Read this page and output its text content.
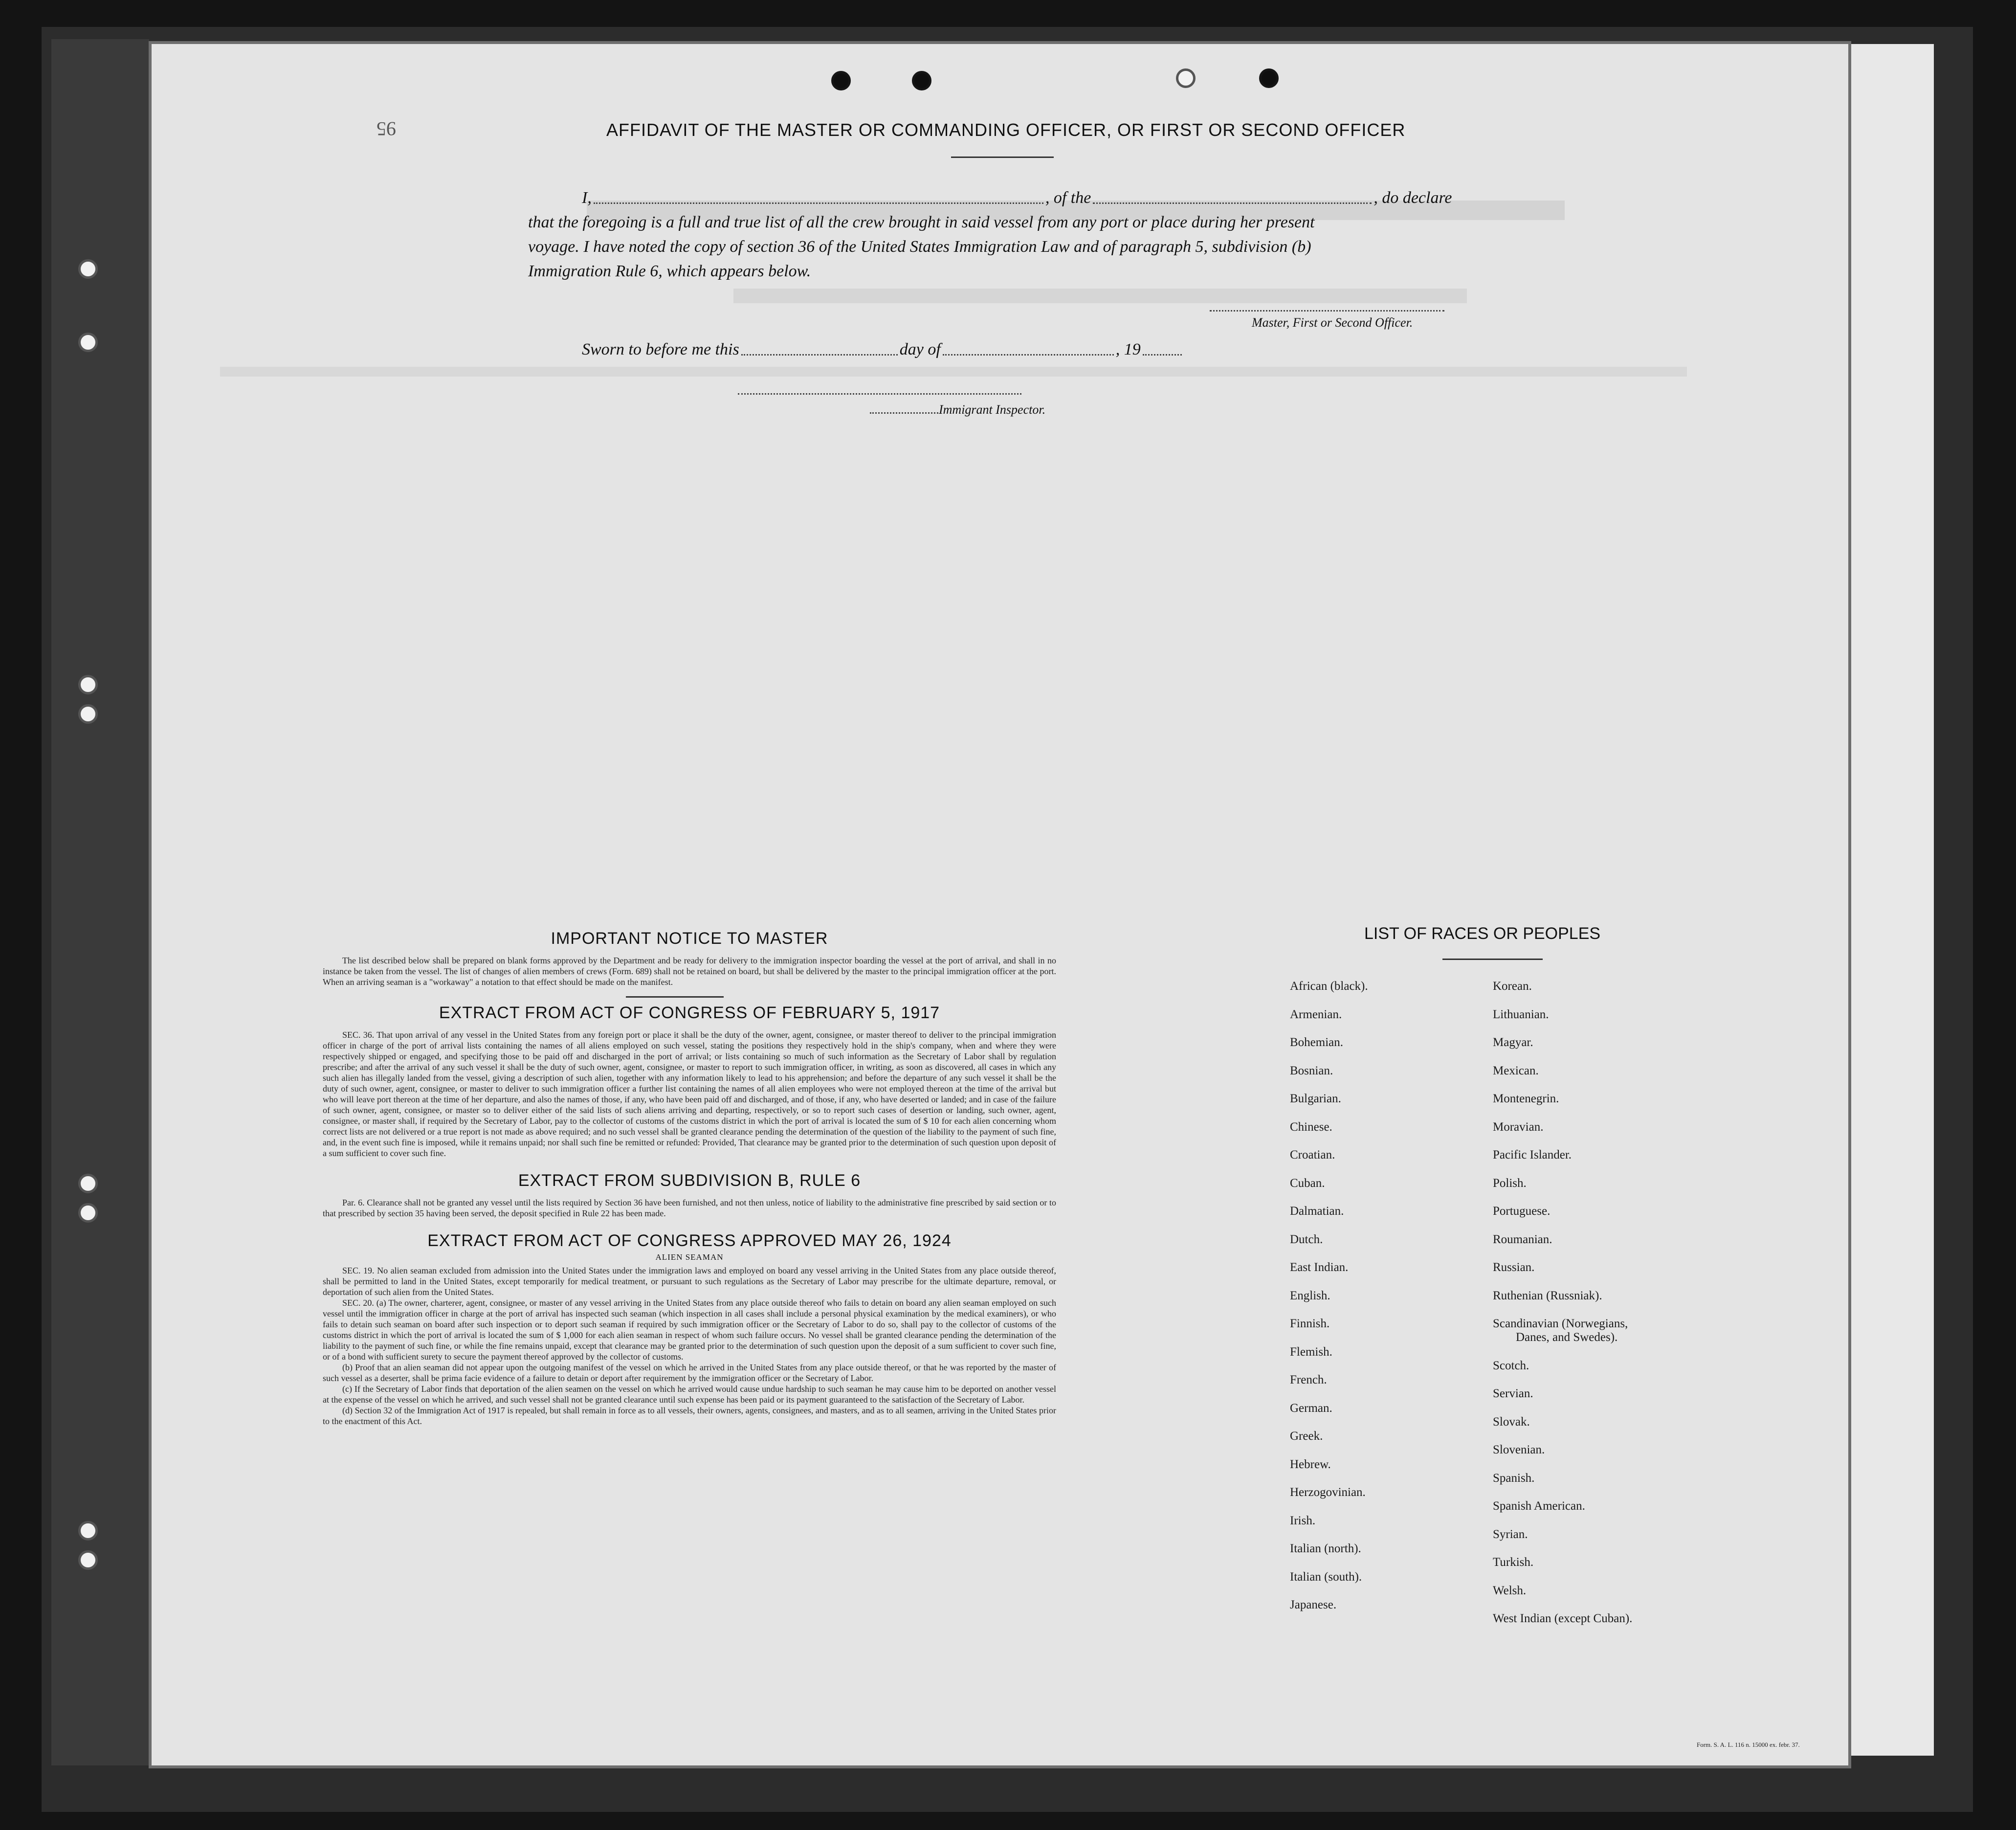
95	AFFIDAVIT OF THE MASTER OR COMMANDING OFFICER, OR FIRST OR SECOND OFFICER
I,	, of the	, do declare
that the foregoing is a full and true list of all the crew brought in said vessel from any port or place during her present
voyage. I have noted the copy of section 36 of the United States Immigration Law and of paragraph 5, subdivision (b)
Immigration Rule 6, which appears below.
Master, First or Second Officer.
Sworn to before me this	day of	, 19
Immigrant Inspector.
IMPORTANT NOTICE TO MASTER
The list described below shall be prepared on blank forms approved by the Department and be ready for delivery to the immigration inspector boarding the vessel at the port of arrival, and shall in no instance be taken from the vessel. The list of changes of alien members of crews (Form. 689) shall not be retained on board, but shall be delivered by the master to the principal immigration officer at the port. When an arriving seaman is a "workaway" a notation to that effect should be made on the manifest.
EXTRACT FROM ACT OF CONGRESS OF FEBRUARY 5, 1917
SEC. 36. That upon arrival of any vessel in the United States from any foreign port or place it shall be the duty of the owner, agent, consignee, or master thereof to deliver to the principal immigration officer in charge of the port of arrival lists containing the names of all aliens employed on such vessel, stating the positions they respectively hold in the ship's company, when and where they were respectively shipped or engaged, and specifying those to be paid off and discharged in the port of arrival; or lists containing so much of such information as the Secretary of Labor shall by regulation prescribe; and after the arrival of any such vessel it shall be the duty of such owner, agent, consignee, or master to report to such immigration officer, in writing, as soon as discovered, all cases in which any such alien has illegally landed from the vessel, giving a description of such alien, together with any information likely to lead to his apprehension; and before the departure of any such vessel it shall be the duty of such owner, agent, consignee, or master to deliver to such immigration officer a further list containing the names of all alien employees who were not employed thereon at the time of the arrival but who will leave port thereon at the time of her departure, and also the names of those, if any, who have been paid off and discharged, and of those, if any, who have deserted or landed; and in case of the failure of such owner, agent, consignee, or master so to deliver either of the said lists of such aliens arriving and departing, respectively, or so to report such cases of desertion or landing, such owner, agent, consignee, or master shall, if required by the Secretary of Labor, pay to the collector of customs of the customs district in which the port of arrival is located the sum of $ 10 for each alien concerning whom correct lists are not delivered or a true report is not made as above required; and no such vessel shall be granted clearance pending the determination of the question of the liability to the payment of such fine, and, in the event such fine is imposed, while it remains unpaid; nor shall such fine be remitted or refunded: Provided, That clearance may be granted prior to the determination of such question upon deposit of a sum sufficient to cover such fine.
EXTRACT FROM SUBDIVISION B, RULE 6
Par. 6. Clearance shall not be granted any vessel until the lists required by Section 36 have been furnished, and not then unless, notice of liability to the administrative fine prescribed by said section or to that prescribed by section 35 having been served, the deposit specified in Rule 22 has been made.
EXTRACT FROM ACT OF CONGRESS APPROVED MAY 26, 1924
ALIEN SEAMAN
SEC. 19. No alien seaman excluded from admission into the United States under the immigration laws and employed on board any vessel arriving in the United States from any place outside thereof, shall be permitted to land in the United States, except temporarily for medical treatment, or pursuant to such regulations as the Secretary of Labor may prescribe for the ultimate departure, removal, or deportation of such alien from the United States.
SEC. 20. (a) The owner, charterer, agent, consignee, or master of any vessel arriving in the United States from any place outside thereof who fails to detain on board any alien seaman employed on such vessel until the immigration officer in charge at the port of arrival has inspected such seaman (which inspection in all cases shall include a personal physical examination by the medical examiners), or who fails to detain such seaman on board after such inspection or to deport such seaman if required by such immigration officer or the Secretary of Labor to do so, shall pay to the collector of customs of the customs district in which the port of arrival is located the sum of $ 1,000 for each alien seaman in respect of whom such failure occurs. No vessel shall be granted clearance pending the determination of the liability to the payment of such fine, or while the fine remains unpaid, except that clearance may be granted prior to the determination of such question upon the deposit of a sum sufficient to cover such fine, or of a bond with sufficient surety to secure the payment thereof approved by the collector of customs.
(b) Proof that an alien seaman did not appear upon the outgoing manifest of the vessel on which he arrived in the United States from any place outside thereof, or that he was reported by the master of such vessel as a deserter, shall be prima facie evidence of a failure to detain or deport after requirement by the immigration officer or the Secretary of Labor.
(c) If the Secretary of Labor finds that deportation of the alien seamen on the vessel on which he arrived would cause undue hardship to such seaman he may cause him to be deported on another vessel at the expense of the vessel on which he arrived, and such vessel shall not be granted clearance until such expense has been paid or its payment guaranteed to the satisfaction of the Secretary of Labor.
(d) Section 32 of the Immigration Act of 1917 is repealed, but shall remain in force as to all vessels, their owners, agents, consignees, and masters, and as to all seamen, arriving in the United States prior to the enactment of this Act.
LIST OF RACES OR PEOPLES
African (black).
Armenian.
Bohemian.
Bosnian.
Bulgarian.
Chinese.
Croatian.
Cuban.
Dalmatian.
Dutch.
East Indian.
English.
Finnish.
Flemish.
French.
German.
Greek.
Hebrew.
Herzogovinian.
Irish.
Italian (north).
Italian (south).
Japanese.
Korean.
Lithuanian.
Magyar.
Mexican.
Montenegrin.
Moravian.
Pacific Islander.
Polish.
Portuguese.
Roumanian.
Russian.
Ruthenian (Russniak).
Scandinavian (Norwegians,
Danes, and Swedes).
Scotch.
Servian.
Slovak.
Slovenian.
Spanish.
Spanish American.
Syrian.
Turkish.
Welsh.
West Indian (except Cuban).
Form. S. A. L. 116 n. 15000 ex. febr. 37.
